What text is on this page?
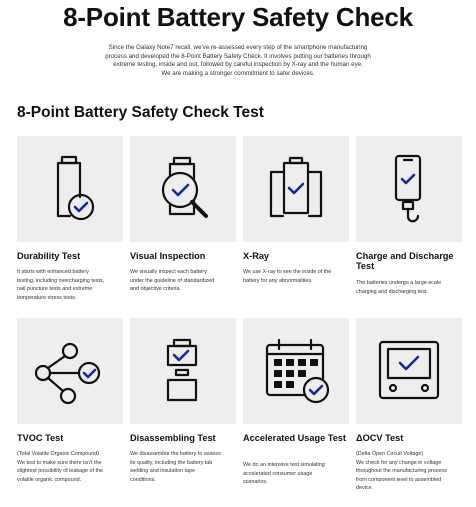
8-Point Battery Safety Check
Since the Galaxy Note7 recall, we've re-assessed every step of the smartphone manufacturing
process and developed the 8-Point Battery Safety Check. It involves putting our batteries through
extreme testing, inside and out, followed by careful inspection by X-ray and the human eye.
We are making a stronger commitment to safer devices.
8-Point Battery Safety Check Test
Durability Test
It starts with enhanced battery
testing, including overcharging tests,
nail puncture tests and extreme
temperature stress tests.
Visual Inspection
We visually inspect each battery
under the guideline of standardized
and objective criteria.
X-Ray
We use X-ray to see the inside of the
battery for any abnormalities.
Charge and Discharge Test
The batteries undergo a large-scale
charging and discharging test.
TVOC Test
(Total Volatile Organic Compound)
We test to make sure there isn't the
slightest possibility of leakage of the
volatile organic compound.
Disassembling Test
We disassemble the battery to assess
its quality, including the battery tab
welding and insulation tape
conditions.
Accelerated Usage Test
We do an intensive test simulating
accelerated consumer usage
scenarios.
ΔOCV Test
(Delta Open Circuit Voltage)
We check for any change in voltage
throughout the manufacturing process
from component level to assembled
device.
